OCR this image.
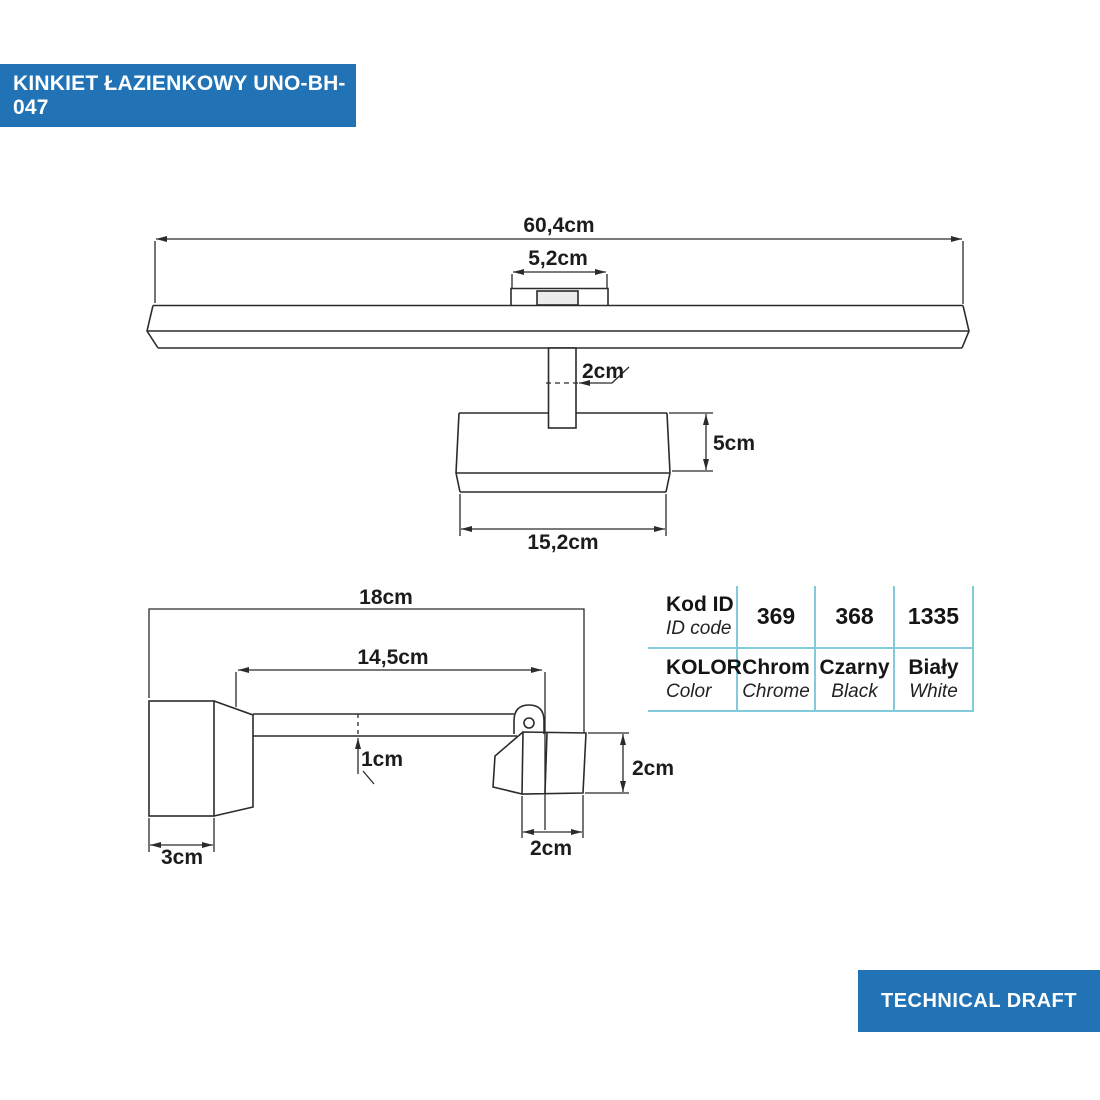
KINKIET ŁAZIENKOWY UNO-BH-047
TECHNICAL DRAFT
60,4cm
5,2cm
2cm
5cm
15,2cm
18cm
14,5cm
1cm
3cm
2cm
2cm
Kod ID
ID code 369 368 1335
KOLOR
Color
Chrom
Chrome
Czarny
Black
Biały
White
